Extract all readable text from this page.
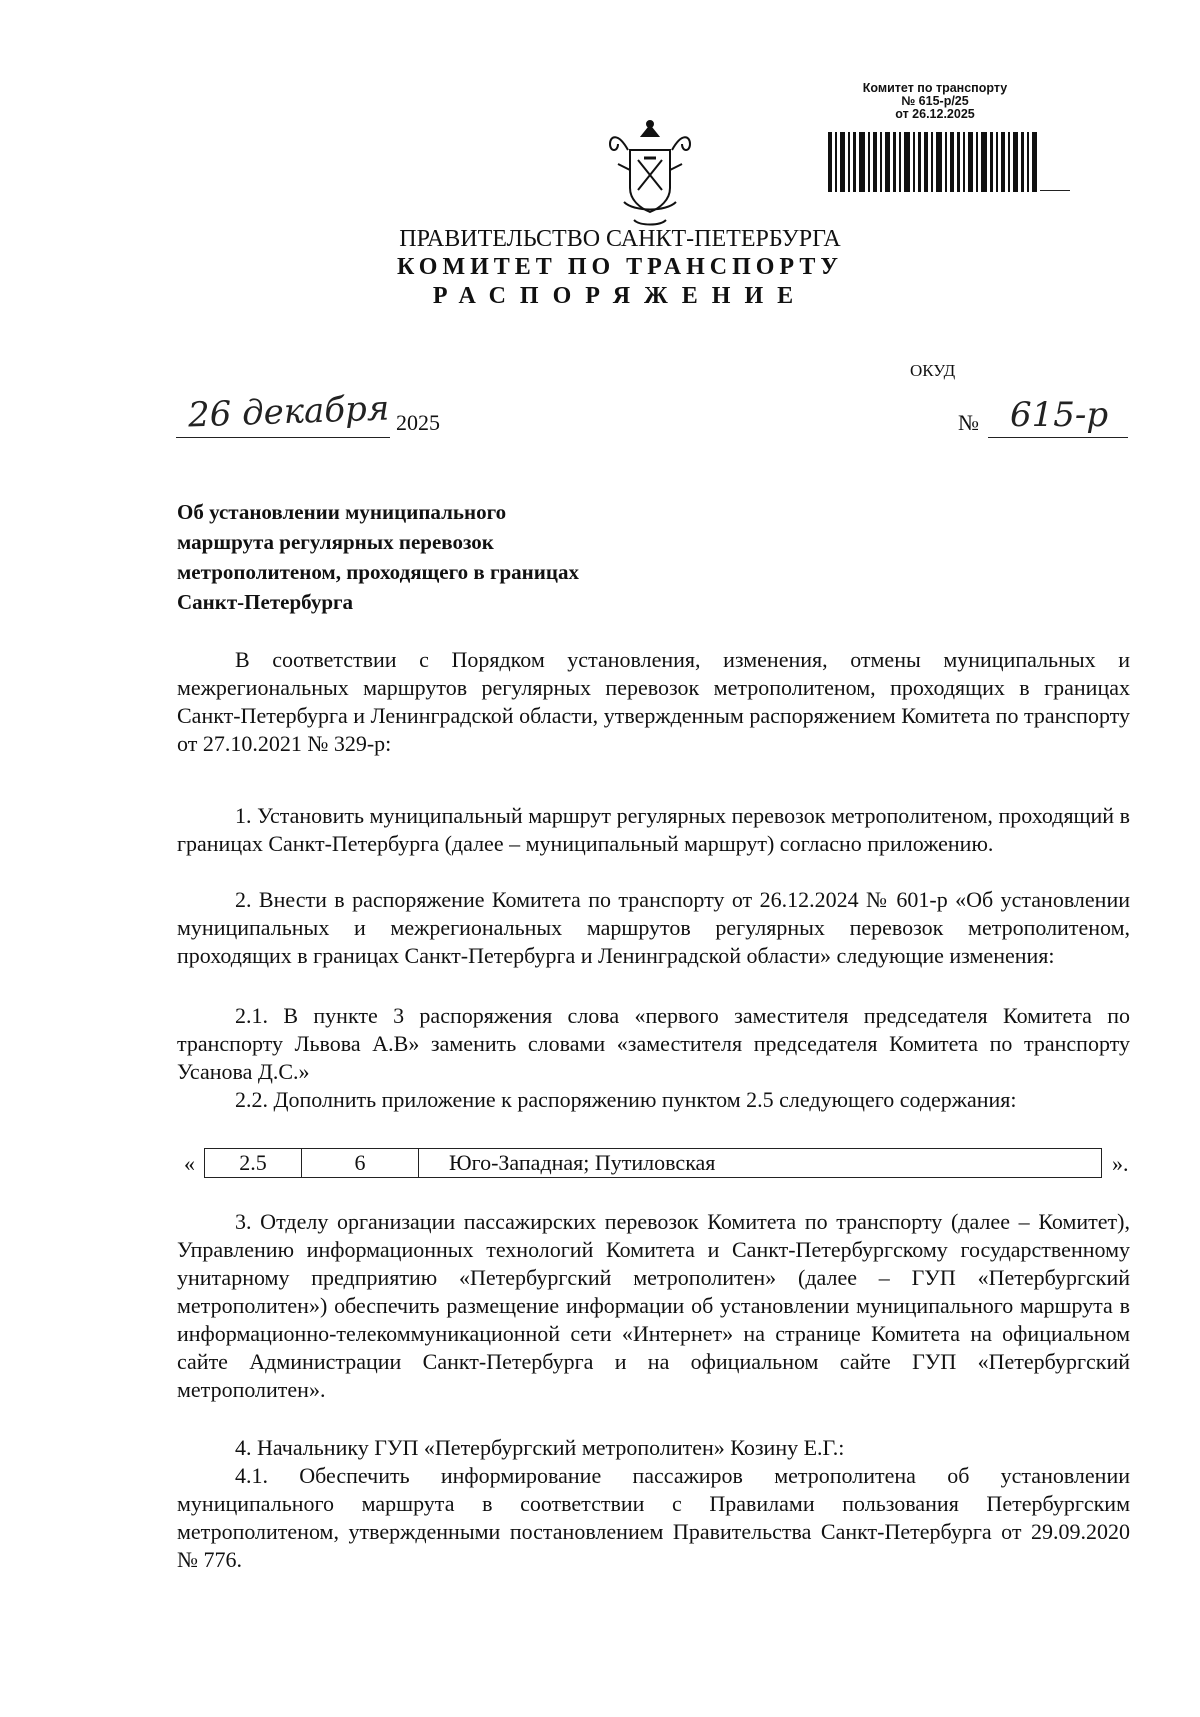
Комитет по транспорту
№ 615-р/25
от 26.12.2025
ПРАВИТЕЛЬСТВО САНКТ-ПЕТЕРБУРГА
КОМИТЕТ ПО ТРАНСПОРТУ
РАСПОРЯЖЕНИЕ
ОКУД
26 декабря 2025	№ 615-р
Об установлении муниципального маршрута регулярных перевозок метрополитеном, проходящего в границах Санкт-Петербурга
В соответствии с Порядком установления, изменения, отмены муниципальных и межрегиональных маршрутов регулярных перевозок метрополитеном, проходящих в границах Санкт-Петербурга и Ленинградской области, утвержденным распоряжением Комитета по транспорту от 27.10.2021 № 329-р:
1. Установить муниципальный маршрут регулярных перевозок метрополитеном, проходящий в границах Санкт-Петербурга (далее – муниципальный маршрут) согласно приложению.
2. Внести в распоряжение Комитета по транспорту от 26.12.2024 № 601-р «Об установлении муниципальных и межрегиональных маршрутов регулярных перевозок метрополитеном, проходящих в границах Санкт-Петербурга и Ленинградской области» следующие изменения:
2.1. В пункте 3 распоряжения слова «первого заместителя председателя Комитета по транспорту Львова А.В» заменить словами «заместителя председателя Комитета по транспорту Усанова Д.С.»
2.2. Дополнить приложение к распоряжению пунктом 2.5 следующего содержания:
«	2.5	6	Юго-Западная; Путиловская	».
3. Отделу организации пассажирских перевозок Комитета по транспорту (далее – Комитет), Управлению информационных технологий Комитета и Санкт-Петербургскому государственному унитарному предприятию «Петербургский метрополитен» (далее – ГУП «Петербургский метрополитен») обеспечить размещение информации об установлении муниципального маршрута в информационно-телекоммуникационной сети «Интернет» на странице Комитета на официальном сайте Администрации Санкт-Петербурга и на официальном сайте ГУП «Петербургский метрополитен».
4. Начальнику ГУП «Петербургский метрополитен» Козину Е.Г.:
4.1. Обеспечить информирование пассажиров метрополитена об установлении муниципального маршрута в соответствии с Правилами пользования Петербургским метрополитеном, утвержденными постановлением Правительства Санкт-Петербурга от 29.09.2020 № 776.
